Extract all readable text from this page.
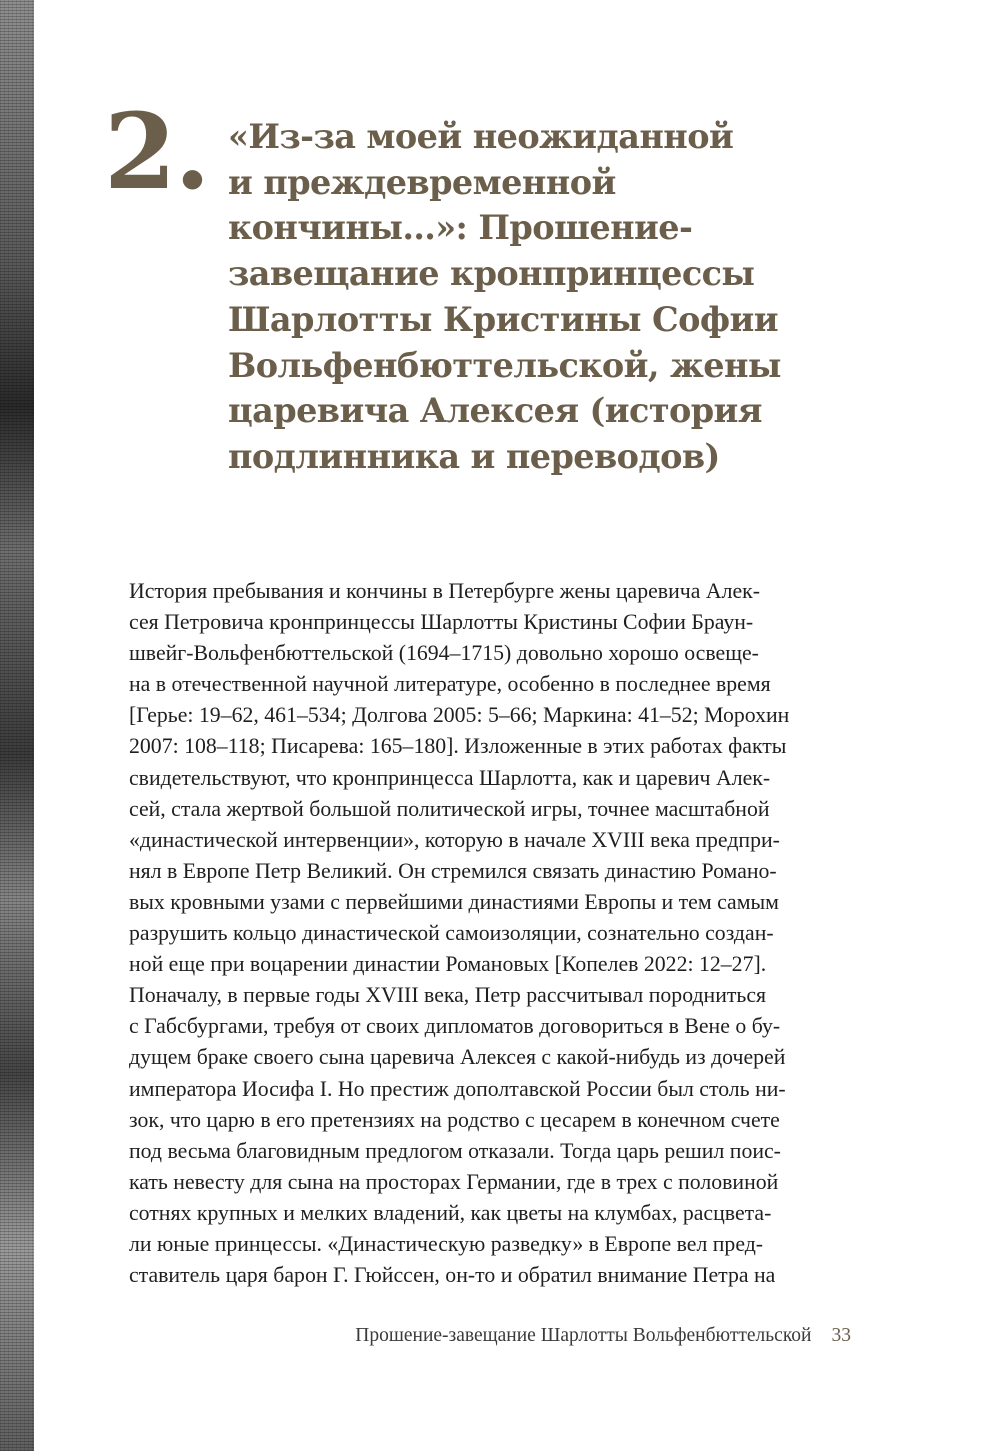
2. «Из-за моей неожиданной
и преждевременной
кончины…»: Прошение-
завещание кронпринцессы
Шарлотты Кристины Софии
Вольфенбюттельской, жены
царевича Алексея (история
подлинника и переводов)
История пребывания и кончины в Петербурге жены царевича Алек-
сея Петровича кронпринцессы Шарлотты Кристины Софии Браун-
швейг-Вольфенбюттельской (1694–1715) довольно хорошо освеще-
на в отечественной научной литературе, особенно в последнее время
[Герье: 19–62, 461–534; Долгова 2005: 5–66; Маркина: 41–52; Морохин
2007: 108–118; Писарева: 165–180]. Изложенные в этих работах факты
свидетельствуют, что кронпринцесса Шарлотта, как и царевич Алек-
сей, стала жертвой большой политической игры, точнее масштабной
«династической интервенции», которую в начале XVIII века предпри-
нял в Европе Петр Великий. Он стремился связать династию Романо-
вых кровными узами с первейшими династиями Европы и тем самым
разрушить кольцо династической самоизоляции, сознательно создан-
ной еще при воцарении династии Романовых [Копелев 2022: 12–27].
Поначалу, в первые годы XVIII века, Петр рассчитывал породниться
с Габсбургами, требуя от своих дипломатов договориться в Вене о бу-
дущем браке своего сына царевича Алексея с какой-нибудь из дочерей
императора Иосифа I. Но престиж дополтавской России был столь ни-
зок, что царю в его претензиях на родство с цесарем в конечном счете
под весьма благовидным предлогом отказали. Тогда царь решил поис-
кать невесту для сына на просторах Германии, где в трех с половиной
сотнях крупных и мелких владений, как цветы на клумбах, расцвета-
ли юные принцессы. «Династическую разведку» в Европе вел пред-
ставитель царя барон Г. Гюйссен, он-то и обратил внимание Петра на
Прошение-завещание Шарлотты Вольфенбюттельской 33
